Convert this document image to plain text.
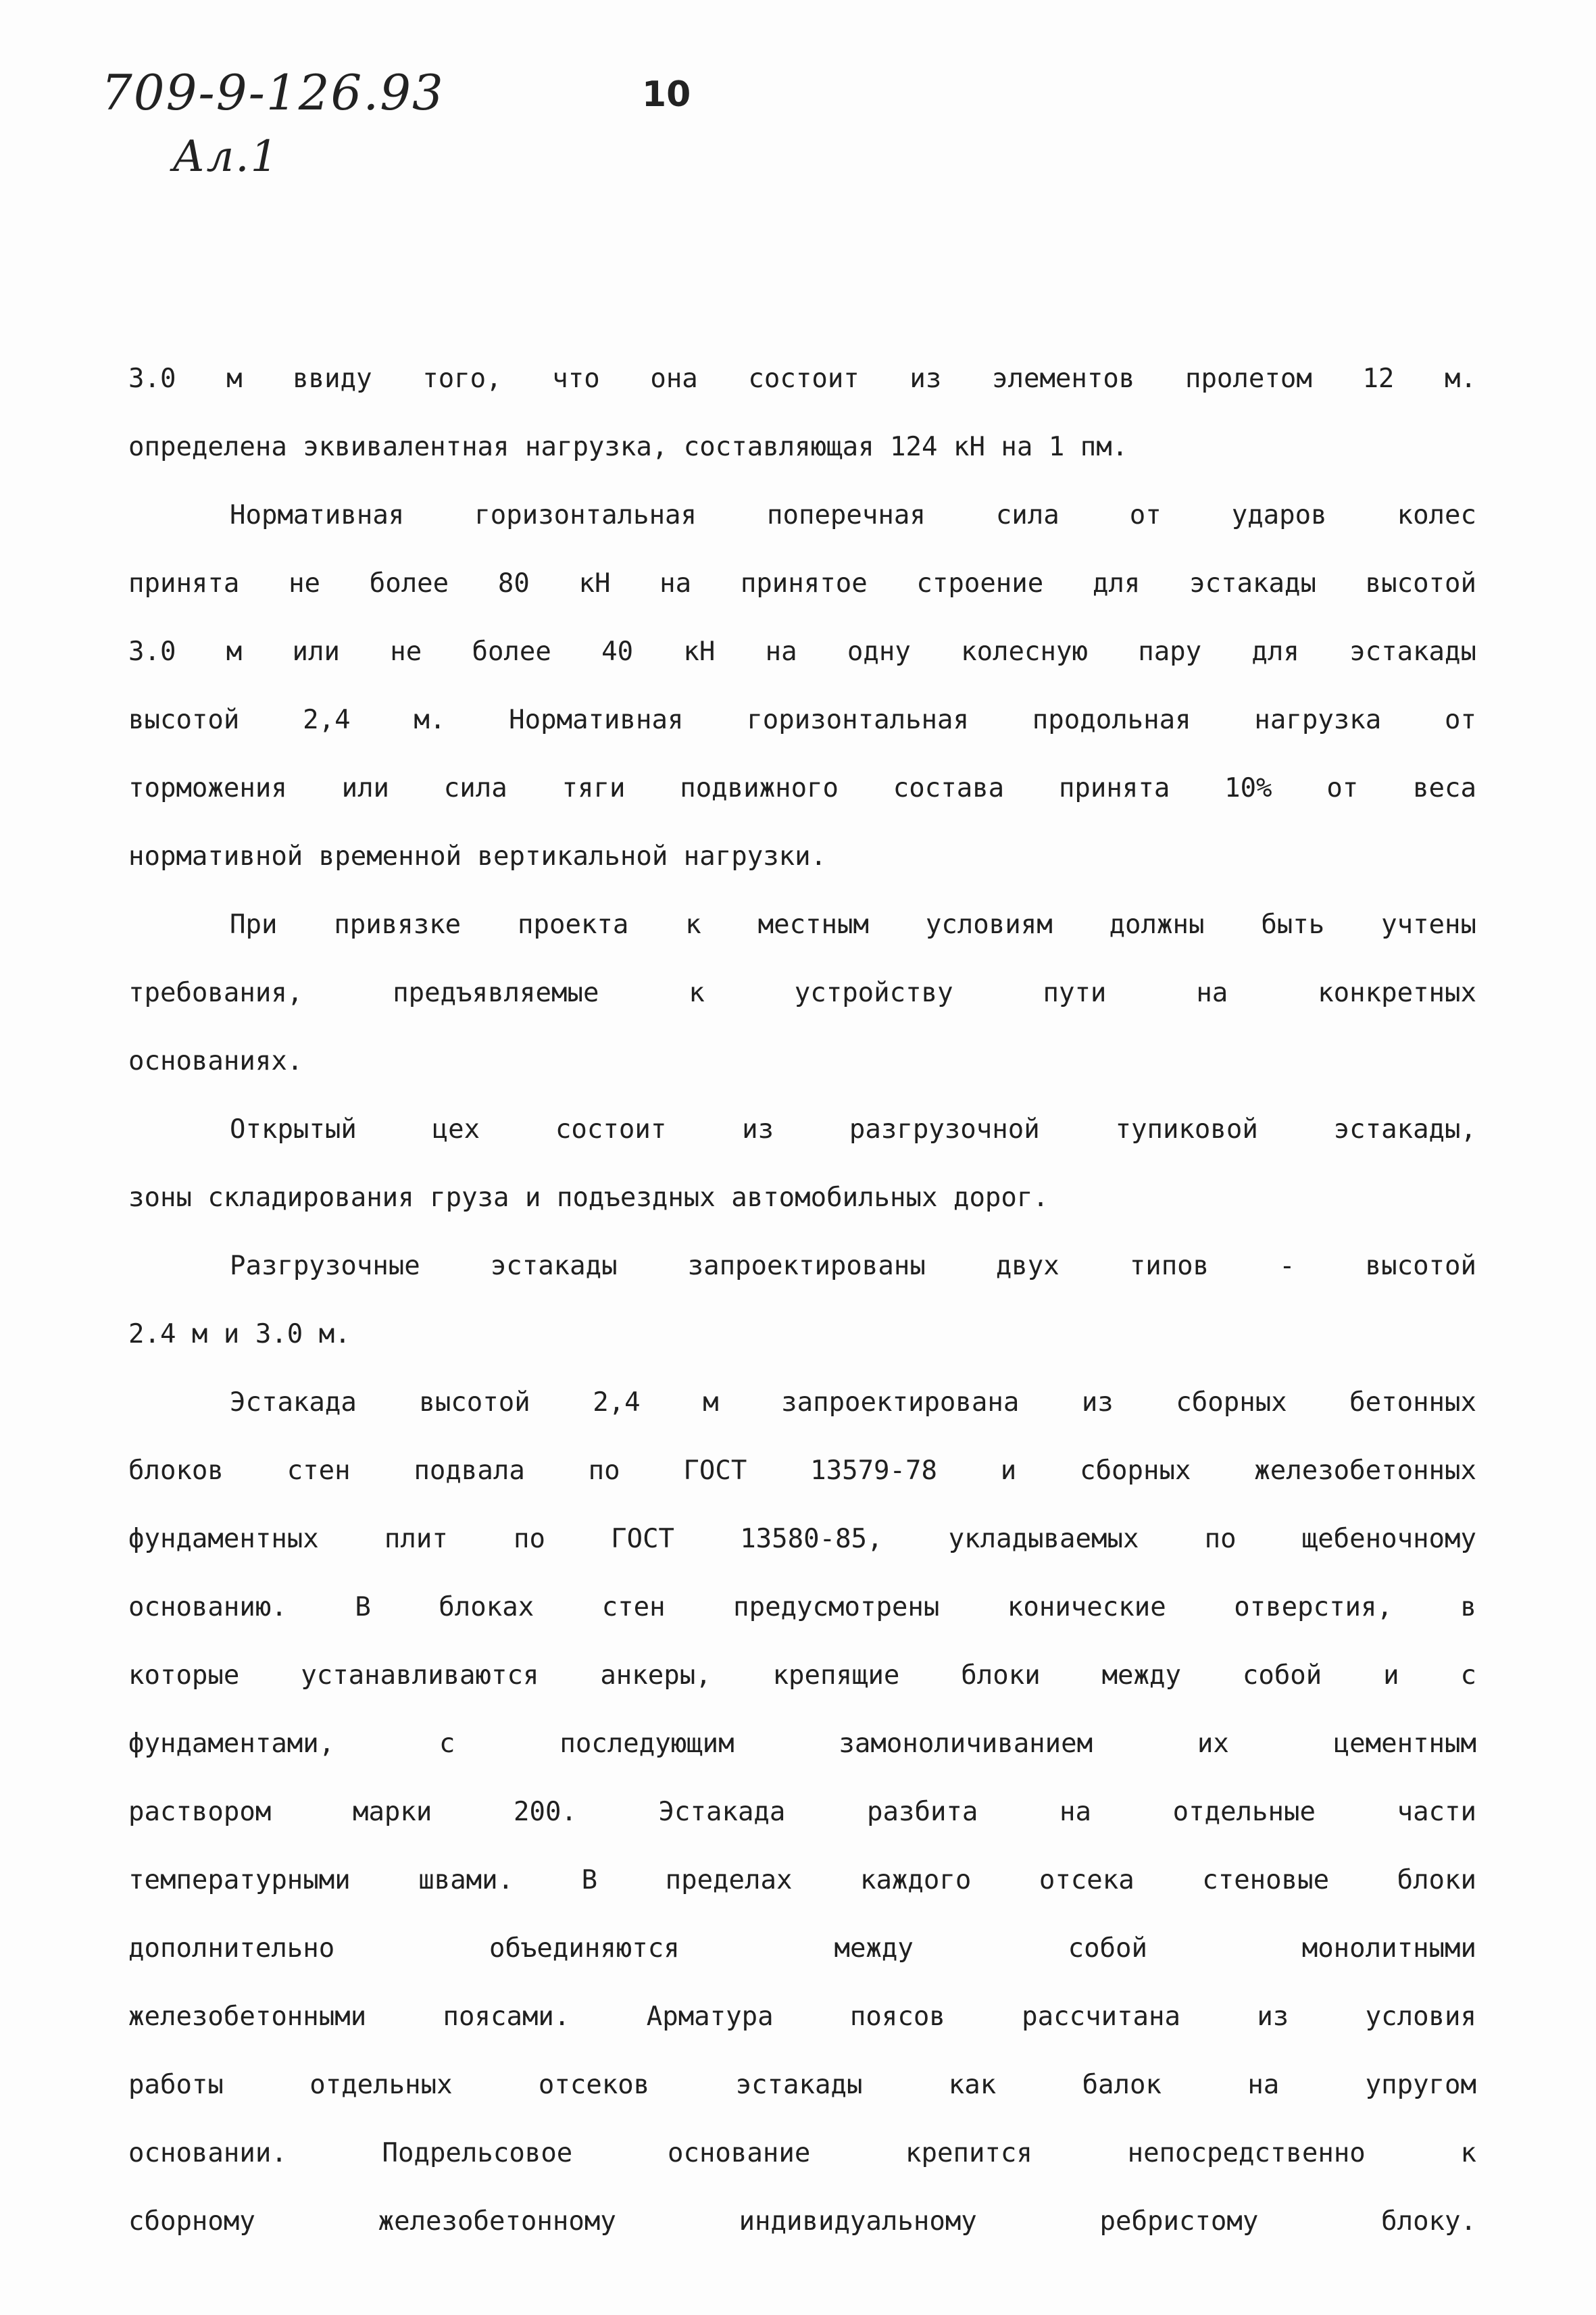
709-9-126.93
Ал.1
10
3.0 м ввиду того, что она состоит из элементов пролетом 12 м.
определена эквивалентная нагрузка, составляющая 124 кН на 1 пм.
Нормативная горизонтальная поперечная сила от ударов колес
принята не более 80 кН на принятое строение для эстакады высотой
3.0 м или не более 40 кН на одну колесную пару для эстакады
высотой 2,4 м. Нормативная горизонтальная продольная нагрузка от
торможения или сила тяги подвижного состава принята 10% от веса
нормативной временной вертикальной нагрузки.
При привязке проекта к местным условиям должны быть учтены
требования, предъявляемые к устройству пути на конкретных
основаниях.
Открытый цех состоит из разгрузочной тупиковой эстакады,
зоны складирования груза и подъездных автомобильных дорог.
Разгрузочные эстакады запроектированы двух типов - высотой
2.4 м и 3.0 м.
Эстакада высотой 2,4 м запроектирована из сборных бетонных
блоков стен подвала по ГОСТ 13579-78 и сборных железобетонных
фундаментных плит по ГОСТ 13580-85, укладываемых по щебеночному
основанию. В блоках стен предусмотрены конические отверстия, в
которые устанавливаются анкеры, крепящие блоки между собой и с
фундаментами, с последующим замоноличиванием их цементным
раствором марки 200. Эстакада разбита на отдельные части
температурными швами. В пределах каждого отсека стеновые блоки
дополнительно объединяются между собой монолитными
железобетонными поясами. Арматура поясов рассчитана из условия
работы отдельных отсеков эстакады как балок на упругом
основании. Подрельсовое основание крепится непосредственно к
сборному железобетонному индивидуальному ребристому блоку.
